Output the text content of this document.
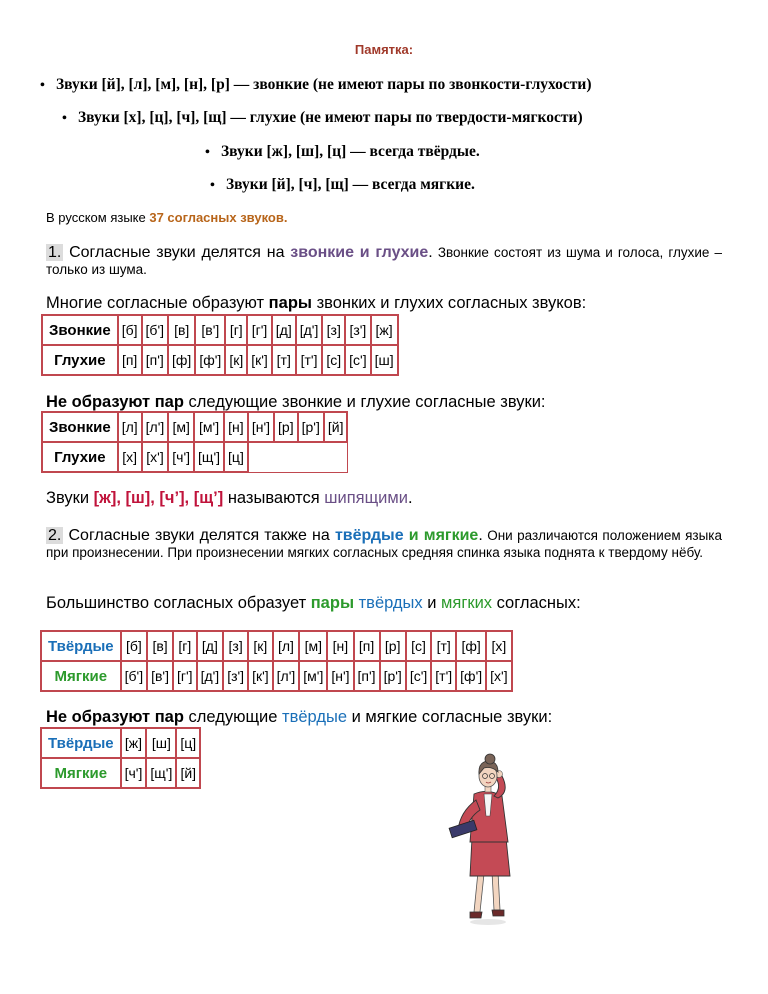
Памятка:
• Звуки [й], [л], [м], [н], [р] — звонкие (не имеют пары по звонкости-глухости)
• Звуки [х], [ц], [ч], [щ] — глухие (не имеют пары по твердости-мягкости)
• Звуки [ж], [ш], [ц] — всегда твёрдые.
• Звуки [й], [ч], [щ] — всегда мягкие.
В русском языке 37 согласных звуков.
1. Согласные звуки делятся на звонкие и глухие. Звонкие состоят из шума и голоса, глухие – только из шума.
Многие согласные образуют пары звонких и глухих согласных звуков:
Звонкие	[б]	[б']	[в]	[в']	[г]	[г']	[д]	[д']	[з]	[з']	[ж]
Глухие	[п]	[п']	[ф]	[ф']	[к]	[к']	[т]	[т']	[с]	[с']	[ш]
Не образуют пар следующие звонкие и глухие согласные звуки:
Звонкие	[л]	[л']	[м]	[м']	[н]	[н']	[р]	[р']	[й]
Глухие	[х]	[х']	[ч']	[щ']	[ц]				
Звуки [ж], [ш], [ч’], [щ’] называются шипящими.
2. Согласные звуки делятся также на твёрдые и мягкие. Они различаются положением языка при произнесении. При произнесении мягких согласных средняя спинка языка поднята к твердому нёбу.
Большинство согласных образует пары твёрдых и мягких согласных:
Твёрдые	[б]	[в]	[г]	[д]	[з]	[к]	[л]	[м]	[н]	[п]	[р]	[с]	[т]	[ф]	[х]
Мягкие	[б']	[в']	[г']	[д']	[з']	[к']	[л']	[м']	[н']	[п']	[р']	[с']	[т']	[ф']	[х']
Не образуют пар следующие твёрдые и мягкие согласные звуки:
Твёрдые	[ж]	[ш]	[ц]
Мягкие	[ч']	[щ']	[й]
